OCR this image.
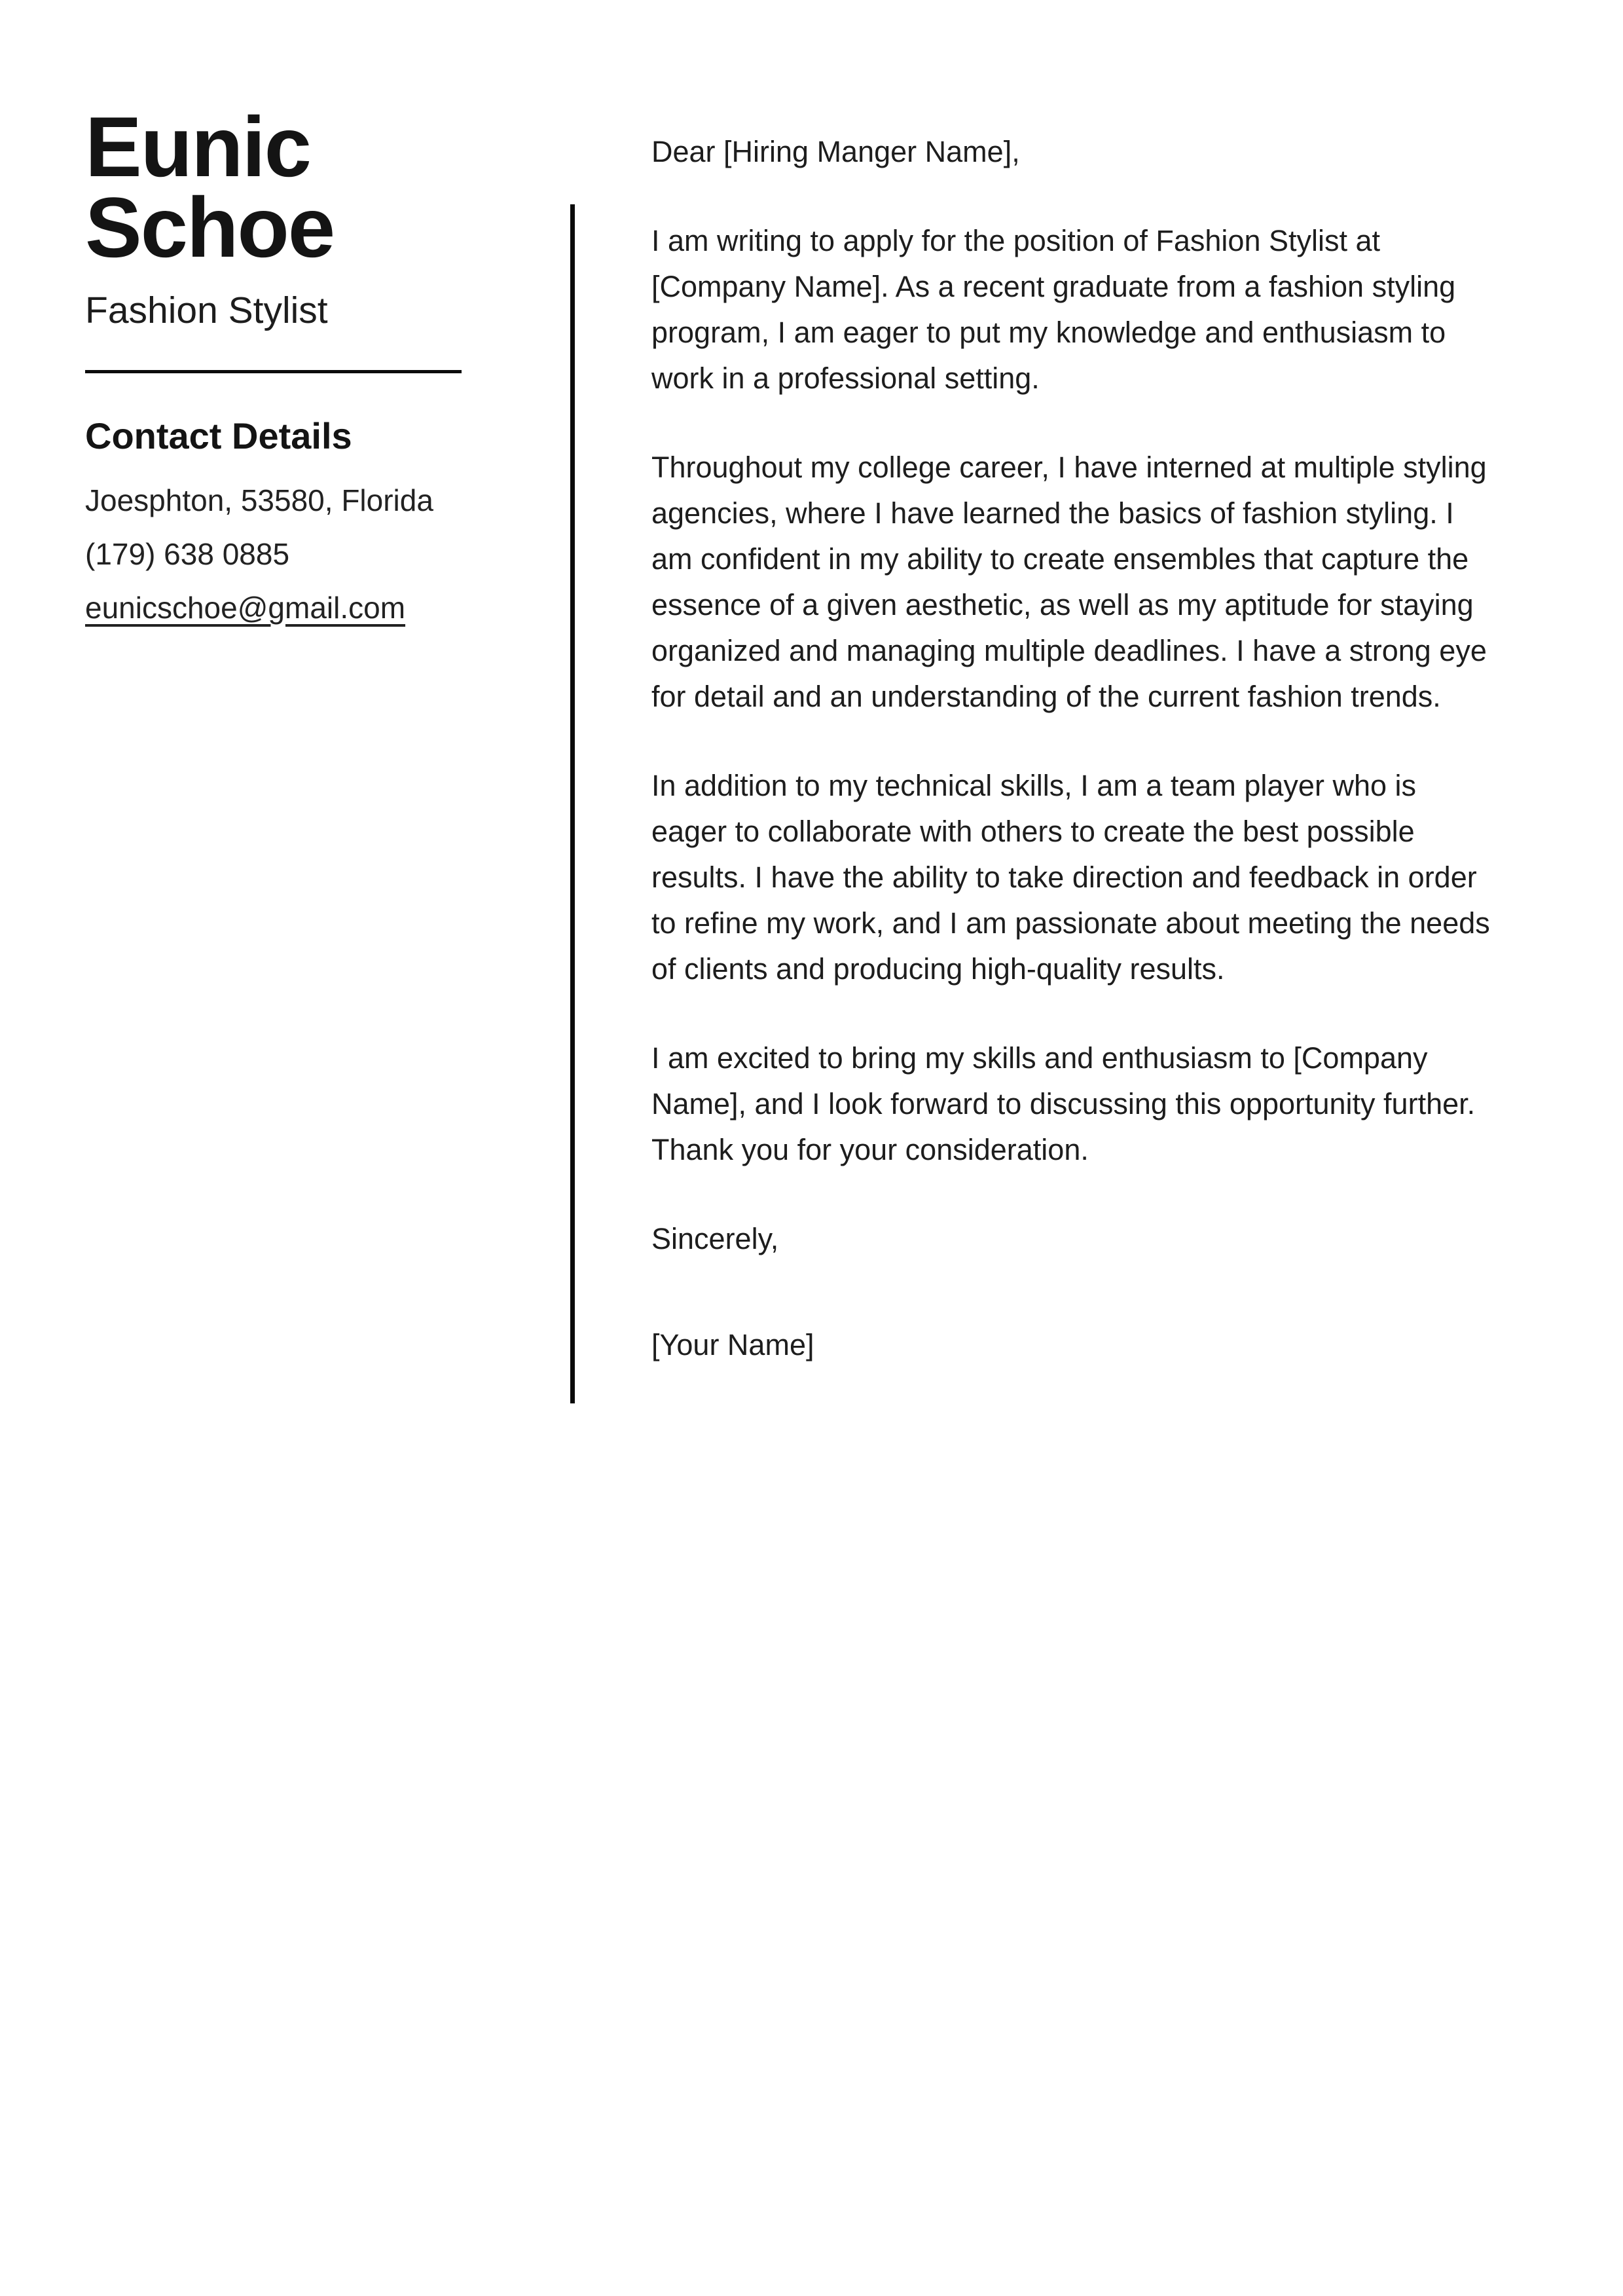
Eunic Schoe
Fashion Stylist
Contact Details
Joesphton, 53580, Florida
(179) 638 0885
eunicschoe@gmail.com

Dear [Hiring Manger Name],

I am writing to apply for the position of Fashion Stylist at [Company Name]. As a recent graduate from a fashion styling program, I am eager to put my knowledge and enthusiasm to work in a professional setting.

Throughout my college career, I have interned at multiple styling agencies, where I have learned the basics of fashion styling. I am confident in my ability to create ensembles that capture the essence of a given aesthetic, as well as my aptitude for staying organized and managing multiple deadlines. I have a strong eye for detail and an understanding of the current fashion trends.

In addition to my technical skills, I am a team player who is eager to collaborate with others to create the best possible results. I have the ability to take direction and feedback in order to refine my work, and I am passionate about meeting the needs of clients and producing high-quality results.

I am excited to bring my skills and enthusiasm to [Company Name], and I look forward to discussing this opportunity further. Thank you for your consideration.

Sincerely,

[Your Name]
